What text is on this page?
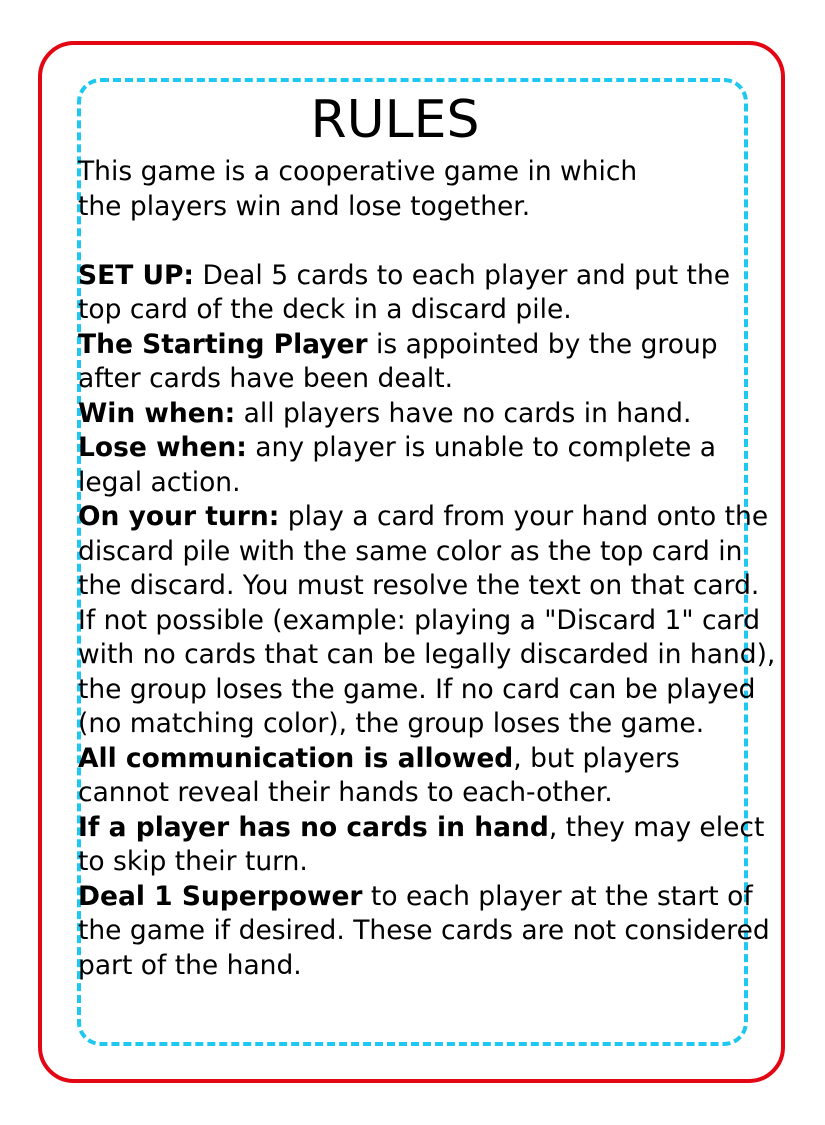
RULES

This game is a cooperative game in which

the players win and lose together.

SET UP: Deal 5 cards to each player and put the top card of the deck in a discard pile.

The Starting Player is appointed by the group after cards have been dealt.

Win when: all players have no cards in hand.

Lose when: any player is unable to complete a legal action.

On your turn: play a card from your hand onto the discard pile with the same color as the top card in the discard. You must resolve the text on that card. If not possible (example: playing a "Discard 1" card with no cards that can be legally discarded in hand), the group loses the game. If no card can be played (no matching color), the group loses the game.

All communication is allowed, but players cannot reveal their hands to each-other.

If a player has no cards in hand, they may elect to skip their turn.

Deal 1 Superpower to each player at the start of the game if desired. These cards are not considered part of the hand.
